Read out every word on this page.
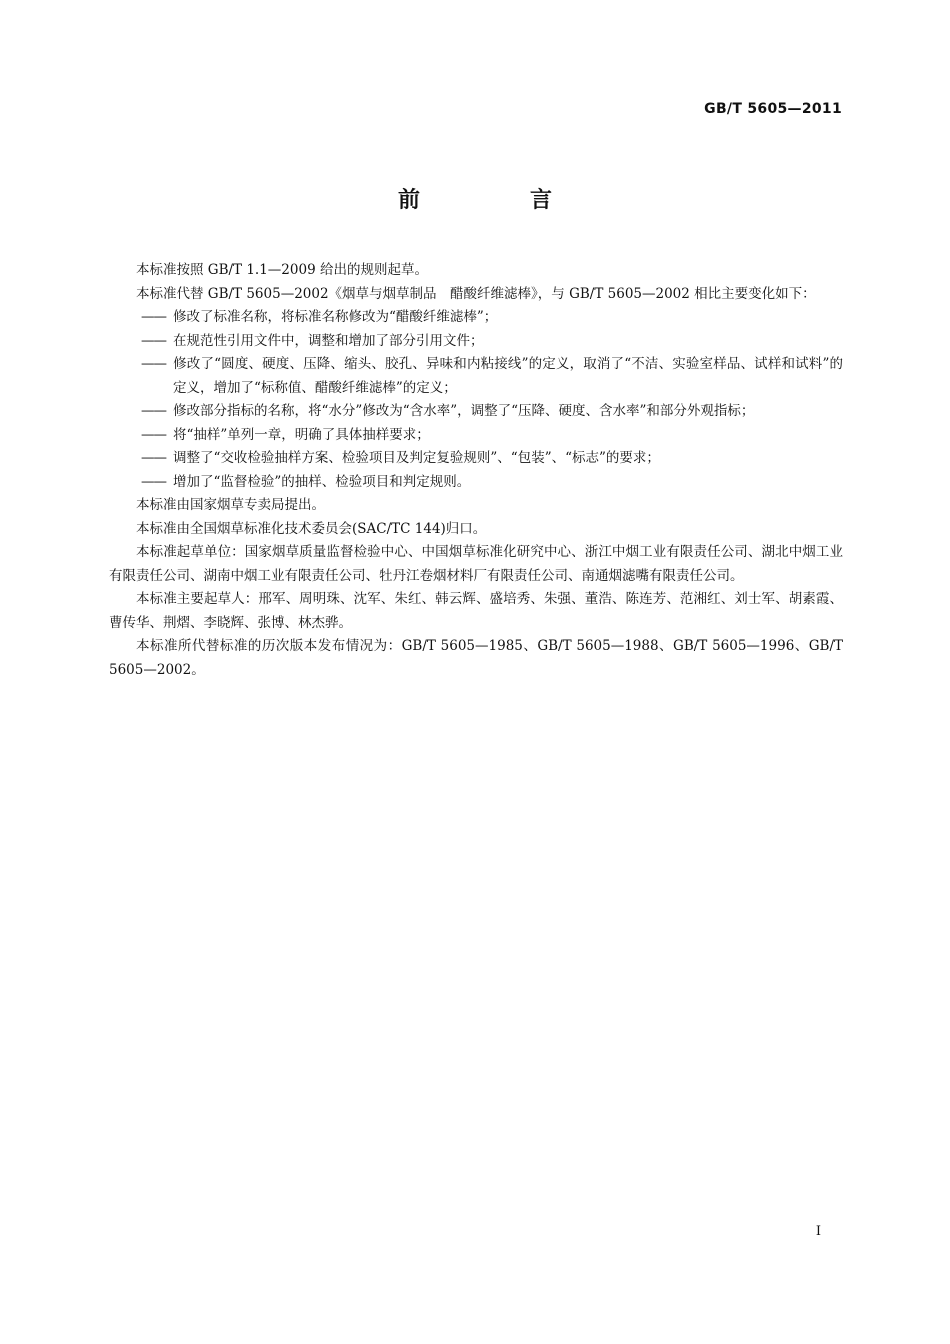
GB/T 5605—2011
前　言

本标准按照 GB/T 1.1—2009 给出的规则起草。

本标准代替 GB/T 5605—2002《烟草与烟草制品　醋酸纤维滤棒》，与 GB/T 5605—2002 相比主要变化如下：

—— 修改了标准名称，将标准名称修改为“醋酸纤维滤棒”；

—— 在规范性引用文件中，调整和增加了部分引用文件；

—— 修改了“圆度、硬度、压降、缩头、胶孔、异味和内粘接线”的定义，取消了“不洁、实验室样品、试样和试料”的定义，增加了“标称值、醋酸纤维滤棒”的定义；

—— 修改部分指标的名称，将“水分”修改为“含水率”，调整了“压降、硬度、含水率”和部分外观指标；

—— 将“抽样”单列一章，明确了具体抽样要求；

—— 调整了“交收检验抽样方案、检验项目及判定复验规则”、“包装”、“标志”的要求；

—— 增加了“监督检验”的抽样、检验项目和判定规则。

本标准由国家烟草专卖局提出。

本标准由全国烟草标准化技术委员会(SAC/TC 144)归口。

本标准起草单位：国家烟草质量监督检验中心、中国烟草标准化研究中心、浙江中烟工业有限责任公司、湖北中烟工业有限责任公司、湖南中烟工业有限责任公司、牡丹江卷烟材料厂有限责任公司、南通烟滤嘴有限责任公司。

本标准主要起草人：邢军、周明珠、沈军、朱红、韩云辉、盛培秀、朱强、董浩、陈连芳、范湘红、刘士军、胡素霞、曹传华、荆熠、李晓辉、张博、林杰骅。

本标准所代替标准的历次版本发布情况为：GB/T 5605—1985、GB/T 5605—1988、GB/T 5605—1996、GB/T 5605—2002。

I
